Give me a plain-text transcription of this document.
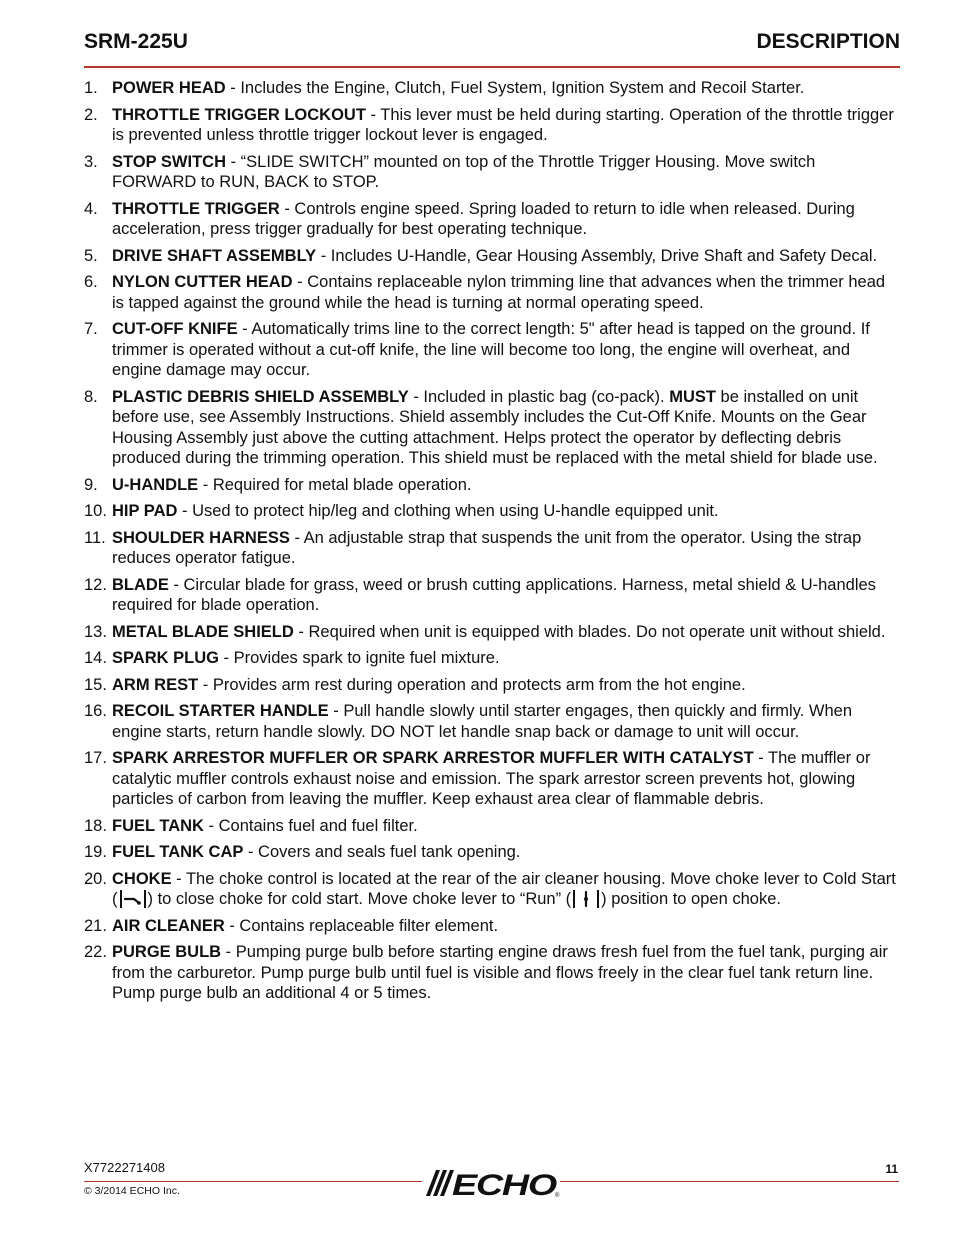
SRM-225U	DESCRIPTION
1. POWER HEAD - Includes the Engine, Clutch, Fuel System, Ignition System and Recoil Starter.
2. THROTTLE TRIGGER LOCKOUT - This lever must be held during starting. Operation of the throttle trigger is prevented unless throttle trigger lockout lever is engaged.
3. STOP SWITCH - “SLIDE SWITCH” mounted on top of the Throttle Trigger Housing. Move switch FORWARD to RUN, BACK to STOP.
4. THROTTLE TRIGGER - Controls engine speed. Spring loaded to return to idle when released. During acceleration, press trigger gradually for best operating technique.
5. DRIVE SHAFT ASSEMBLY - Includes U-Handle, Gear Housing Assembly, Drive Shaft and Safety Decal.
6. NYLON CUTTER HEAD - Contains replaceable nylon trimming line that advances when the trimmer head is tapped against the ground while the head is turning at normal operating speed.
7. CUT-OFF KNIFE - Automatically trims line to the correct length: 5" after head is tapped on the ground. If trimmer is operated without a cut-off knife, the line will become too long, the engine will overheat, and engine damage may occur.
8. PLASTIC DEBRIS SHIELD ASSEMBLY - Included in plastic bag (co-pack). MUST be installed on unit before use, see Assembly Instructions. Shield assembly includes the Cut-Off Knife. Mounts on the Gear Housing Assembly just above the cutting attachment. Helps protect the operator by deflecting debris produced during the trimming operation. This shield must be replaced with the metal shield for blade use.
9. U-HANDLE - Required for metal blade operation.
10. HIP PAD - Used to protect hip/leg and clothing when using U-handle equipped unit.
11. SHOULDER HARNESS - An adjustable strap that suspends the unit from the operator. Using the strap reduces operator fatigue.
12. BLADE - Circular blade for grass, weed or brush cutting applications. Harness, metal shield & U-handles required for blade operation.
13. METAL BLADE SHIELD - Required when unit is equipped with blades. Do not operate unit without shield.
14. SPARK PLUG - Provides spark to ignite fuel mixture.
15. ARM REST - Provides arm rest during operation and protects arm from the hot engine.
16. RECOIL STARTER HANDLE - Pull handle slowly until starter engages, then quickly and firmly. When engine starts, return handle slowly. DO NOT let handle snap back or damage to unit will occur.
17. SPARK ARRESTOR MUFFLER OR SPARK ARRESTOR MUFFLER WITH CATALYST - The muffler or catalytic muffler controls exhaust noise and emission. The spark arrestor screen prevents hot, glowing particles of carbon from leaving the muffler. Keep exhaust area clear of flammable debris.
18. FUEL TANK - Contains fuel and fuel filter.
19. FUEL TANK CAP - Covers and seals fuel tank opening.
20. CHOKE - The choke control is located at the rear of the air cleaner housing. Move choke lever to Cold Start ( ) to close choke for cold start. Move choke lever to “Run” ( ) position to open choke.
21. AIR CLEANER - Contains replaceable filter element.
22. PURGE BULB - Pumping purge bulb before starting engine draws fresh fuel from the fuel tank, purging air from the carburetor. Pump purge bulb until fuel is visible and flows freely in the clear fuel tank return line. Pump purge bulb an additional 4 or 5 times.
X7722271408
© 3/2014 ECHO Inc.	ECHO
®
11
